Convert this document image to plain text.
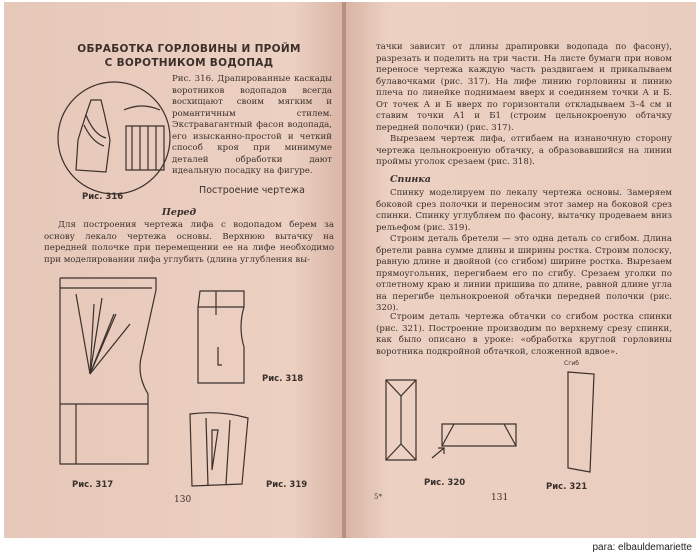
ОБРАБОТКА ГОРЛОВИНЫ И ПРОЙМ
С ВОРОТНИКОМ ВОДОПАД
Рис. 316
Рис. 316. Драпированные каскады воротников водопадов всегда восхищают своим мягким и романтичным стилем. Экстравагантный фасон водопада, его изысканно-простой и четкий способ кроя при минимуме деталей обработки дают идеальную посадку на фигуре.
Построение чертежа
Перед
Для построения чертежа лифа с водопадом берем за основу лекало чертежа основы. Верхнюю вытачку на передней полочке при перемещении ее на лифе необходимо при моделировании лифа углубить (длина углубления вы-
Рис. 317
Рис. 318
Рис. 319
130
тачки зависит от длины драпировки водопада по фасону), разрезать и поделить на три части. На листе бумаги при новом переносе чертежа каждую часть раздвигаем и прикалываем булавочками (рис. 317). На лифе линию горловины и линию плеча по линейке поднимаем вверх и соединяем точки А и Б. От точек А и Б вверх по горизонтали откладываем 3–4 см и ставим точки А1 и Б1 (строим цельнокроеную обтачку передней полочки) (рис. 317).
Вырезаем чертеж лифа, отгибаем на изнаночную сторону чертежа цельнокроеную обтачку, а образовавшийся на линии проймы уголок срезаем (рис. 318).
Спинка
Спинку моделируем по лекалу чертежа основы. Замеряем боковой срез полочки и переносим этот замер на боковой срез спинки. Спинку углубляем по фасону, вытачку продеваем вниз рельефом (рис. 319).
Строим деталь бретели — это одна деталь со сгибом. Длина бретели равна сумме длины и ширины ростка. Строим полоску, равную длине и двойной (со сгибом) ширине ростка. Вырезаем прямоугольник, перегибаем его по сгибу. Срезаем уголки по отлетному краю и линии пришива по длине, равной длине угла на перегибе цельнокроеной обтачки передней полочки (рис. 320).
Строим деталь чертежа обтачки со сгибом ростка спинки (рис. 321). Построение производим по верхнему срезу спинки, как было описано в уроке: «обработка круглой горловины воротника подкройной обтачкой, сложенной вдвое».
Рис. 320
Сгиб
Рис. 321
5*	131
para: elbauldemariette
